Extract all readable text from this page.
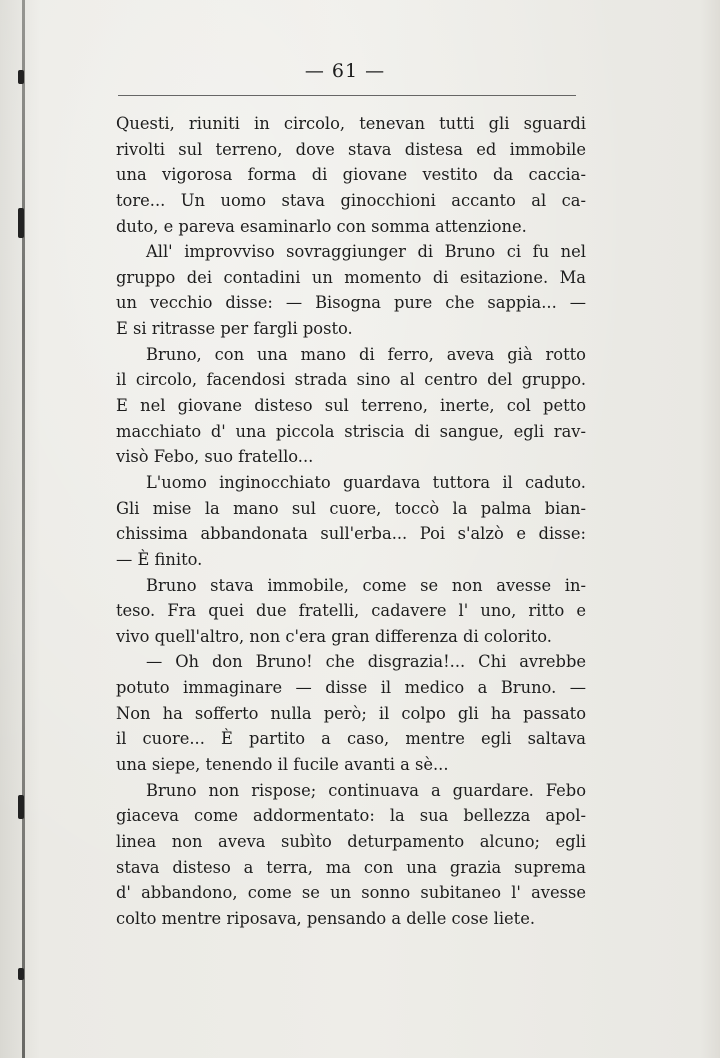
— 61 —
Questi, riuniti in circolo, tenevan tutti gli sguardi
rivolti sul terreno, dove stava distesa ed immobile
una vigorosa forma di giovane vestito da caccia-
tore... Un uomo stava ginocchioni accanto al ca-
duto, e pareva esaminarlo con somma attenzione.
All' improvviso sovraggiunger di Bruno ci fu nel
gruppo dei contadini un momento di esitazione. Ma
un vecchio disse: — Bisogna pure che sappia... —
E si ritrasse per fargli posto.
Bruno, con una mano di ferro, aveva già rotto
il circolo, facendosi strada sino al centro del gruppo.
E nel giovane disteso sul terreno, inerte, col petto
macchiato d' una piccola striscia di sangue, egli rav-
visò Febo, suo fratello...
L'uomo inginocchiato guardava tuttora il caduto.
Gli mise la mano sul cuore, toccò la palma bian-
chissima abbandonata sull'erba... Poi s'alzò e disse:
— È finito.
Bruno stava immobile, come se non avesse in-
teso. Fra quei due fratelli, cadavere l' uno, ritto e
vivo quell'altro, non c'era gran differenza di colorito.
— Oh don Bruno! che disgrazia!... Chi avrebbe
potuto immaginare — disse il medico a Bruno. —
Non ha sofferto nulla però; il colpo gli ha passato
il cuore... È partito a caso, mentre egli saltava
una siepe, tenendo il fucile avanti a sè...
Bruno non rispose; continuava a guardare. Febo
giaceva come addormentato: la sua bellezza apol-
linea non aveva subìto deturpamento alcuno; egli
stava disteso a terra, ma con una grazia suprema
d' abbandono, come se un sonno subitaneo l' avesse
colto mentre riposava, pensando a delle cose liete.
